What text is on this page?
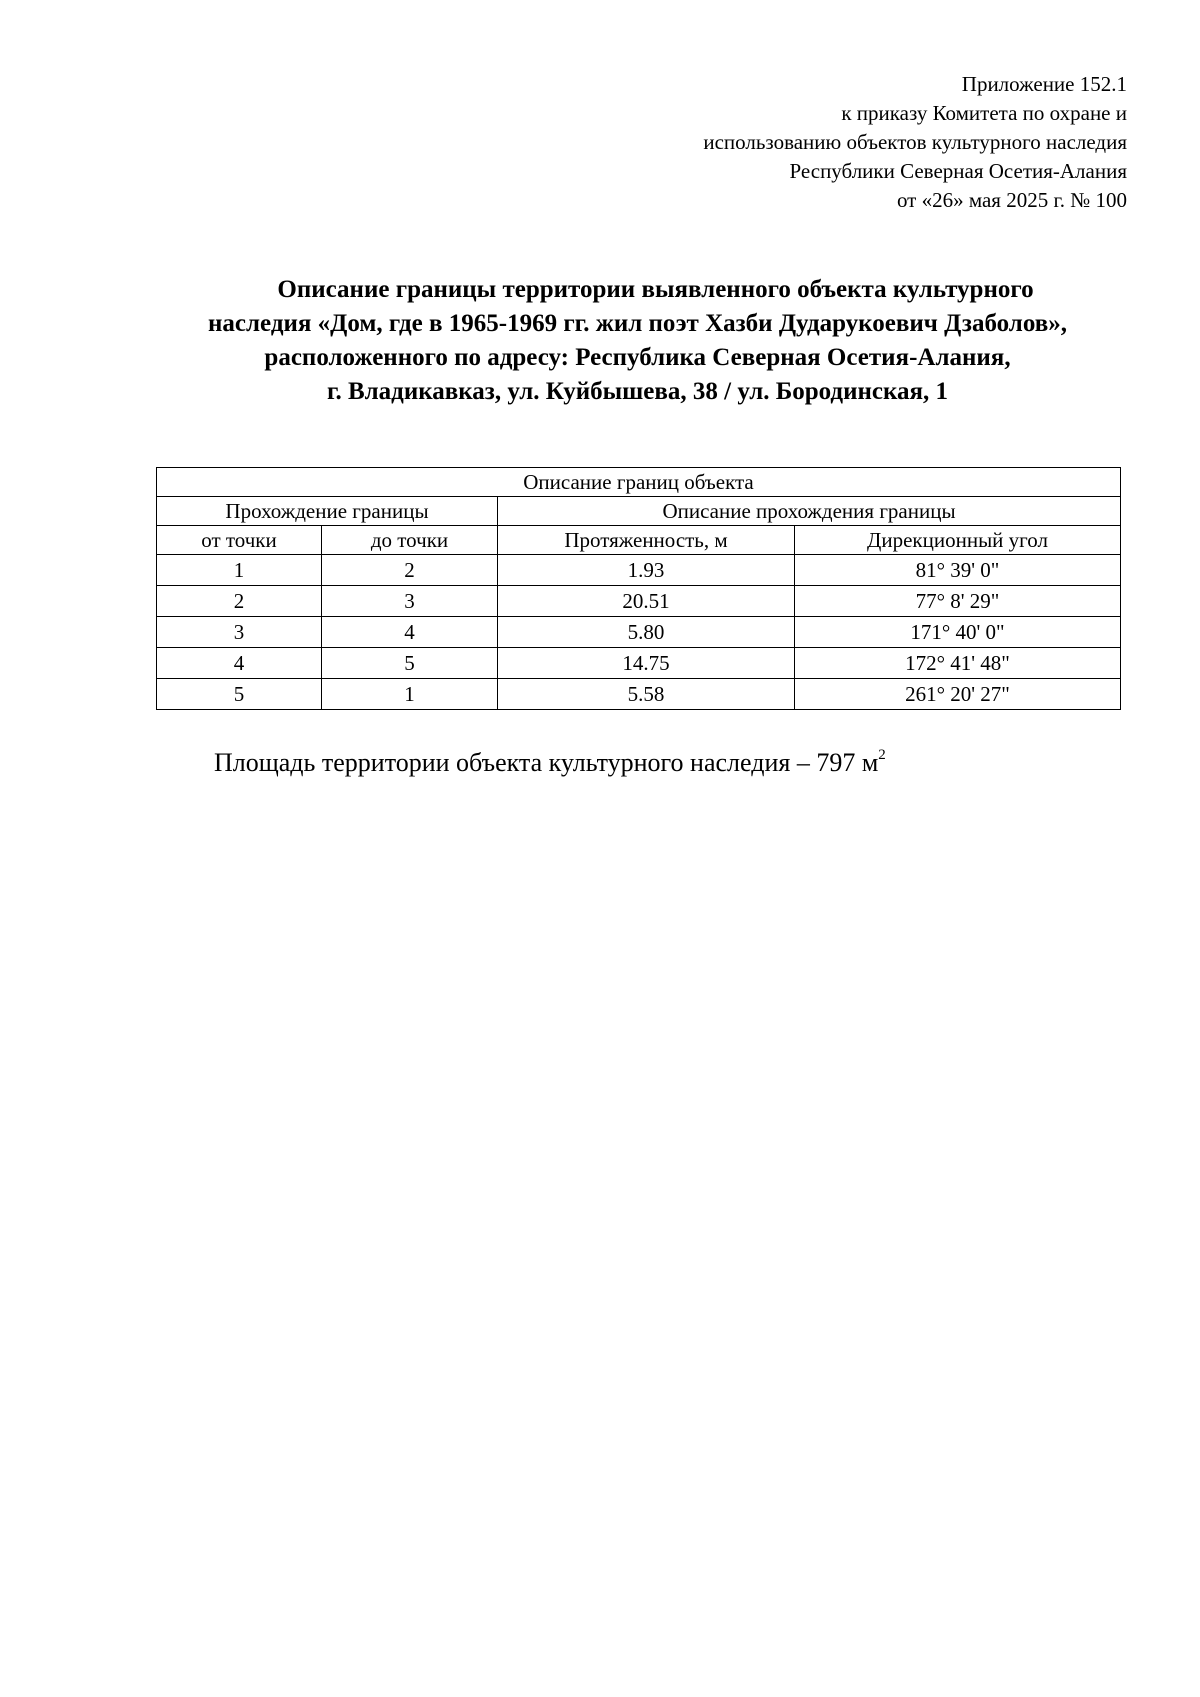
Приложение 152.1
к приказу Комитета по охране и
использованию объектов культурного наследия
Республики Северная Осетия-Алания
от «26» мая 2025 г. № 100
Описание границы территории выявленного объекта культурного
наследия «Дом, где в 1965-1969 гг. жил поэт Хазби Дударукоевич Дзаболов»,
расположенного по адресу: Республика Северная Осетия-Алания,
г. Владикавказ, ул. Куйбышева, 38 / ул. Бородинская, 1
Описание границ объекта			
Прохождение границы		Описание прохождения границы	
от точки	до точки	Протяженность, м	Дирекционный угол
1	2	1.93	81° 39' 0"
2	3	20.51	77° 8' 29"
3	4	5.80	171° 40' 0"
4	5	14.75	172° 41' 48"
5	1	5.58	261° 20' 27"
Площадь территории объекта культурного наследия – 797 $м^2$
